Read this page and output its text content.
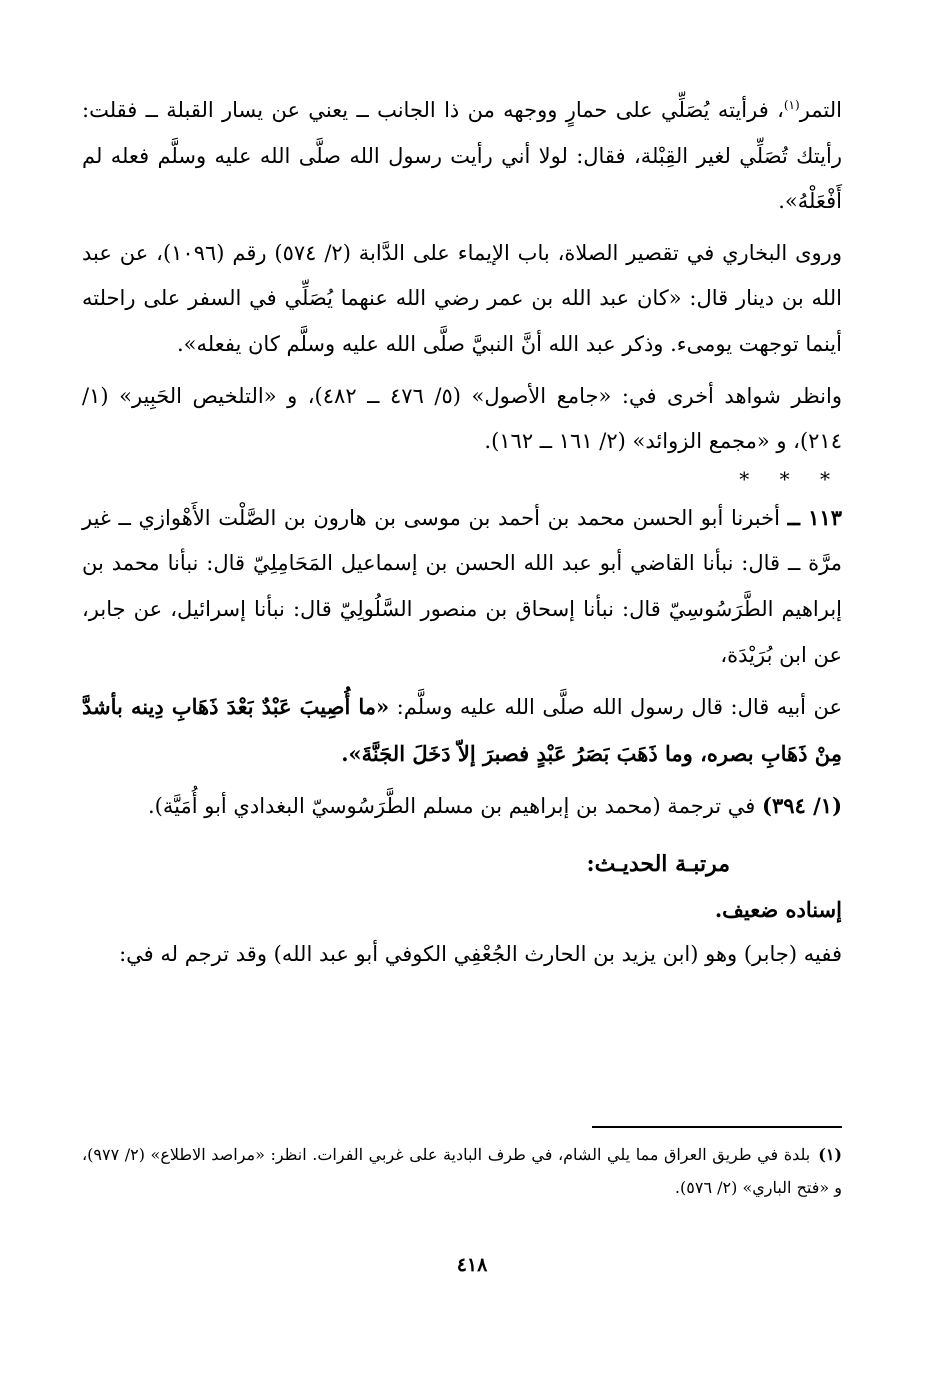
التمر$^{(١)}$، فرأيته يُصَلِّي على حمارٍ ووجهه من ذا الجانب ــ يعني عن يسار القبلة ــ فقلت: رأيتك تُصَلِّي لغير القِبْلة، فقال: لولا أني رأيت رسول الله صلَّى الله عليه وسلَّم فعله لم أَفْعَلْهُ».

وروى البخاري في تقصير الصلاة، باب الإيماء على الدَّابة (٢/ ٥٧٤) رقم (١٠٩٦)، عن عبد الله بن دينار قال: «كان عبد الله بن عمر رضي الله عنهما يُصَلِّي في السفر على راحلته أينما توجهت يومىء. وذكر عبد الله أنَّ النبيَّ صلَّى الله عليه وسلَّم كان يفعله».

وانظر شواهد أخرى في: «جامع الأصول» (٥/ ٤٧٦ ــ ٤٨٢)، و «التلخيص الحَبِير» (١/ ٢١٤)، و «مجمع الزوائد» (٢/ ١٦١ ــ ١٦٢).

* * *

١١٣ ــ أخبرنا أبو الحسن محمد بن أحمد بن موسى بن هارون بن الصَّلْت الأَهْوازي ــ غير مرَّة ــ قال: نبأنا القاضي أبو عبد الله الحسن بن إسماعيل المَحَامِلِيّ قال: نبأنا محمد بن إبراهيم الطَّرَسُوسِيّ قال: نبأنا إسحاق بن منصور السَّلُولِيّ قال: نبأنا إسرائيل، عن جابر، عن ابن بُرَيْدَة،

عن أبيه قال: قال رسول الله صلَّى الله عليه وسلَّم: «ما أُصِيبَ عَبْدٌ بَعْدَ ذَهَابِ دِينه بأشدَّ مِنْ ذَهَابِ بصره، وما ذَهَبَ بَصَرُ عَبْدٍ فصبرَ إلاّ دَخَلَ الجَنَّةَ».

(١/ ٣٩٤) في ترجمة (محمد بن إبراهيم بن مسلم الطَّرَسُوسيّ البغدادي أبو أُمَيَّة).

مرتبـة الحديـث:
إسناده ضعيف.

ففيه (جابر) وهو (ابن يزيد بن الحارث الجُعْفِي الكوفي أبو عبد الله) وقد ترجم له في:

(١)بلدة في طريق العراق مما يلي الشام، في طرف البادية على غربي الفرات. انظر: «مراصد الاطلاع» (٢/ ٩٧٧)، و «فتح الباري» (٢/ ٥٧٦).
٤١٨
